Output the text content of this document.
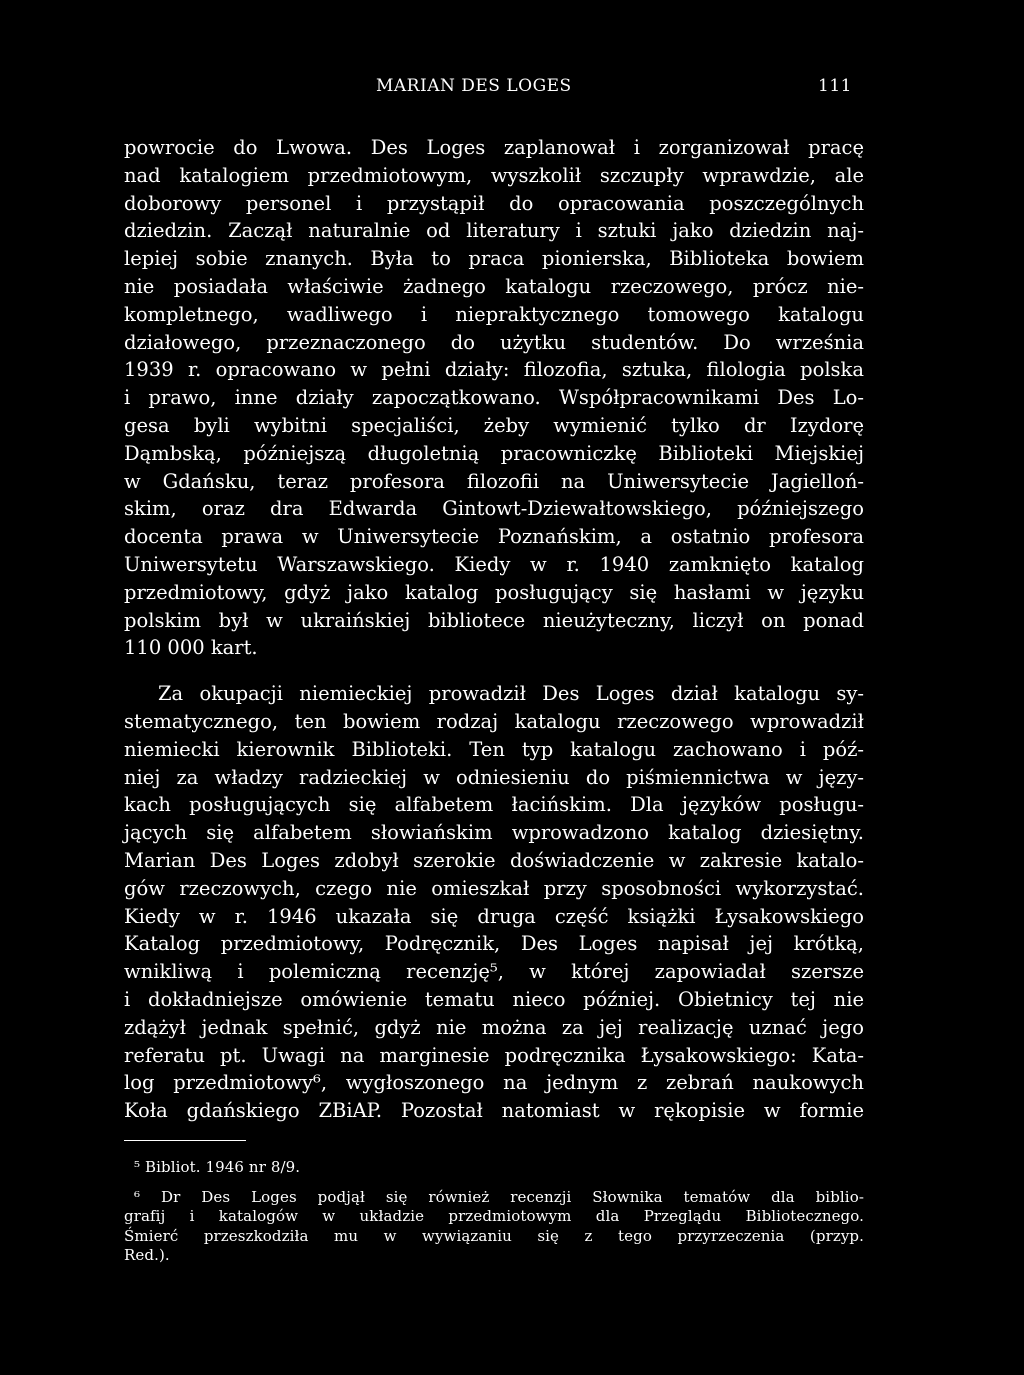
MARIAN DES LOGES	111
powrocie do Lwowa. Des Loges zaplanował i zorganizował pracę
nad katalogiem przedmiotowym, wyszkolił szczupły wprawdzie, ale
doborowy personel i przystąpił do opracowania poszczególnych
dziedzin. Zaczął naturalnie od literatury i sztuki jako dziedzin naj-
lepiej sobie znanych. Była to praca pionierska, Biblioteka bowiem
nie posiadała właściwie żadnego katalogu rzeczowego, prócz nie-
kompletnego, wadliwego i niepraktycznego tomowego katalogu
działowego, przeznaczonego do użytku studentów. Do września
1939 r. opracowano w pełni działy: filozofia, sztuka, filologia polska
i prawo, inne działy zapoczątkowano. Współpracownikami Des Lo-
gesa byli wybitni specjaliści, żeby wymienić tylko dr Izydorę
Dąmbską, późniejszą długoletnią pracowniczkę Biblioteki Miejskiej
w Gdańsku, teraz profesora filozofii na Uniwersytecie Jagielloń-
skim, oraz dra Edwarda Gintowt-Dziewałtowskiego, późniejszego
docenta prawa w Uniwersytecie Poznańskim, a ostatnio profesora
Uniwersytetu Warszawskiego. Kiedy w r. 1940 zamknięto katalog
przedmiotowy, gdyż jako katalog posługujący się hasłami w języku
polskim był w ukraińskiej bibliotece nieużyteczny, liczył on ponad
110 000 kart.
Za okupacji niemieckiej prowadził Des Loges dział katalogu sy-
stematycznego, ten bowiem rodzaj katalogu rzeczowego wprowadził
niemiecki kierownik Biblioteki. Ten typ katalogu zachowano i póź-
niej za władzy radzieckiej w odniesieniu do piśmiennictwa w języ-
kach posługujących się alfabetem łacińskim. Dla języków posługu-
jących się alfabetem słowiańskim wprowadzono katalog dziesiętny.
Marian Des Loges zdobył szerokie doświadczenie w zakresie katalo-
gów rzeczowych, czego nie omieszkał przy sposobności wykorzystać.
Kiedy w r. 1946 ukazała się druga część książki Łysakowskiego
Katalog przedmiotowy, Podręcznik, Des Loges napisał jej krótką,
wnikliwą i polemiczną recenzję⁵, w której zapowiadał szersze
i dokładniejsze omówienie tematu nieco później. Obietnicy tej nie
zdążył jednak spełnić, gdyż nie można za jej realizację uznać jego
referatu pt. Uwagi na marginesie podręcznika Łysakowskiego: Kata-
log przedmiotowy⁶, wygłoszonego na jednym z zebrań naukowych
Koła gdańskiego ZBiAP. Pozostał natomiast w rękopisie w formie
⁵ Bibliot. 1946 nr 8/9.
⁶ Dr Des Loges podjął się również recenzji Słownika tematów dla biblio-
grafij i katalogów w układzie przedmiotowym dla Przeglądu Bibliotecznego.
Śmierć przeszkodziła mu w wywiązaniu się z tego przyrzeczenia (przyp.
Red.).
